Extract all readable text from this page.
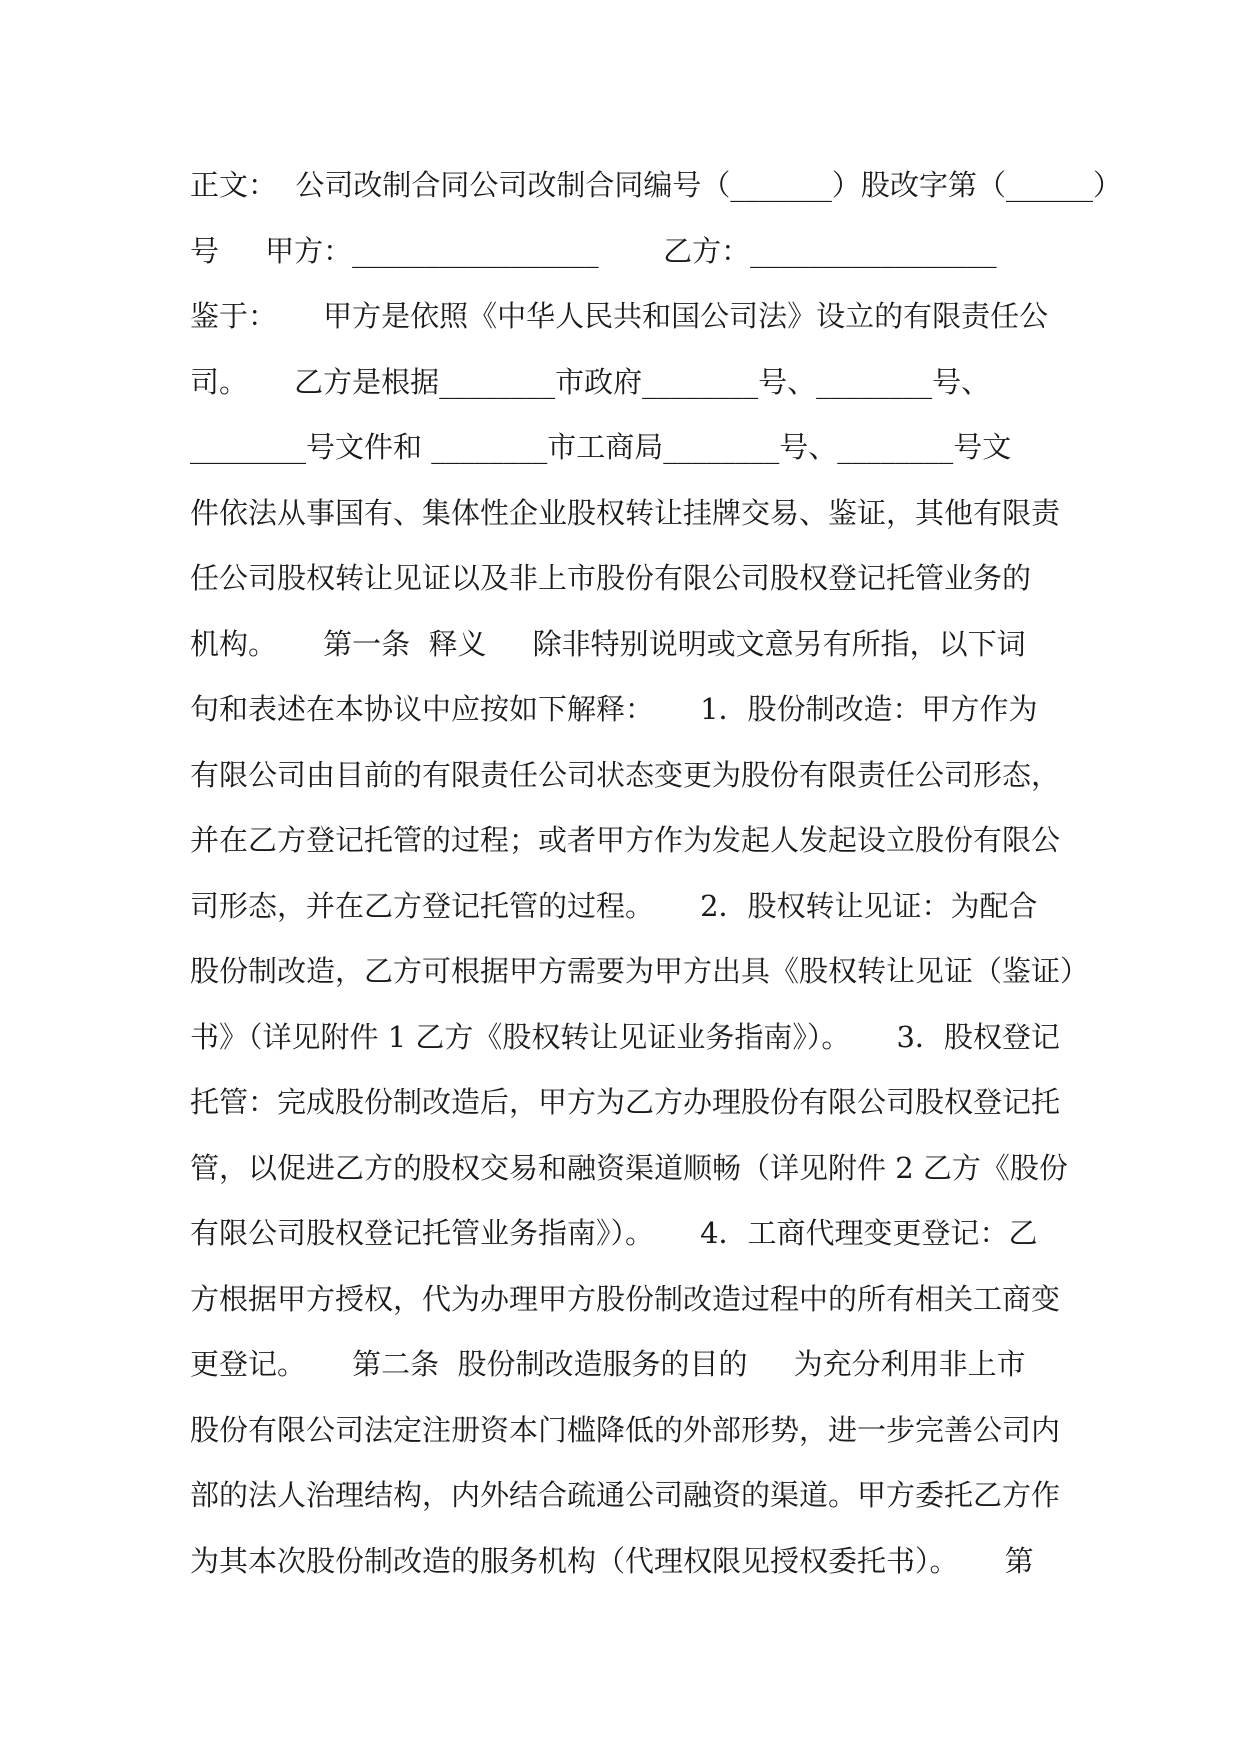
正文：  公司改制合同公司改制合同编号（_______）股改字第（______）

号     甲方：_________________       乙方：_________________

鉴于：     甲方是依照《中华人民共和国公司法》设立的有限责任公

司。     乙方是根据________市政府________号、________号、

________号文件和 ________市工商局________号、________号文

件依法从事国有、集体性企业股权转让挂牌交易、鉴证，其他有限责

任公司股权转让见证以及非上市股份有限公司股权登记托管业务的

机构。     第一条  释义     除非特别说明或文意另有所指，以下词

句和表述在本协议中应按如下解释：     1．股份制改造：甲方作为

有限公司由目前的有限责任公司状态变更为股份有限责任公司形态，

并在乙方登记托管的过程；或者甲方作为发起人发起设立股份有限公

司形态，并在乙方登记托管的过程。     2．股权转让见证：为配合

股份制改造，乙方可根据甲方需要为甲方出具《股权转让见证（鉴证）

书》（详见附件 1 乙方《股权转让见证业务指南》）。     3．股权登记

托管：完成股份制改造后，甲方为乙方办理股份有限公司股权登记托

管，以促进乙方的股权交易和融资渠道顺畅（详见附件 2 乙方《股份

有限公司股权登记托管业务指南》）。     4．工商代理变更登记：乙

方根据甲方授权，代为办理甲方股份制改造过程中的所有相关工商变

更登记。     第二条  股份制改造服务的目的     为充分利用非上市

股份有限公司法定注册资本门槛降低的外部形势，进一步完善公司内

部的法人治理结构，内外结合疏通公司融资的渠道。甲方委托乙方作

为其本次股份制改造的服务机构（代理权限见授权委托书）。     第
